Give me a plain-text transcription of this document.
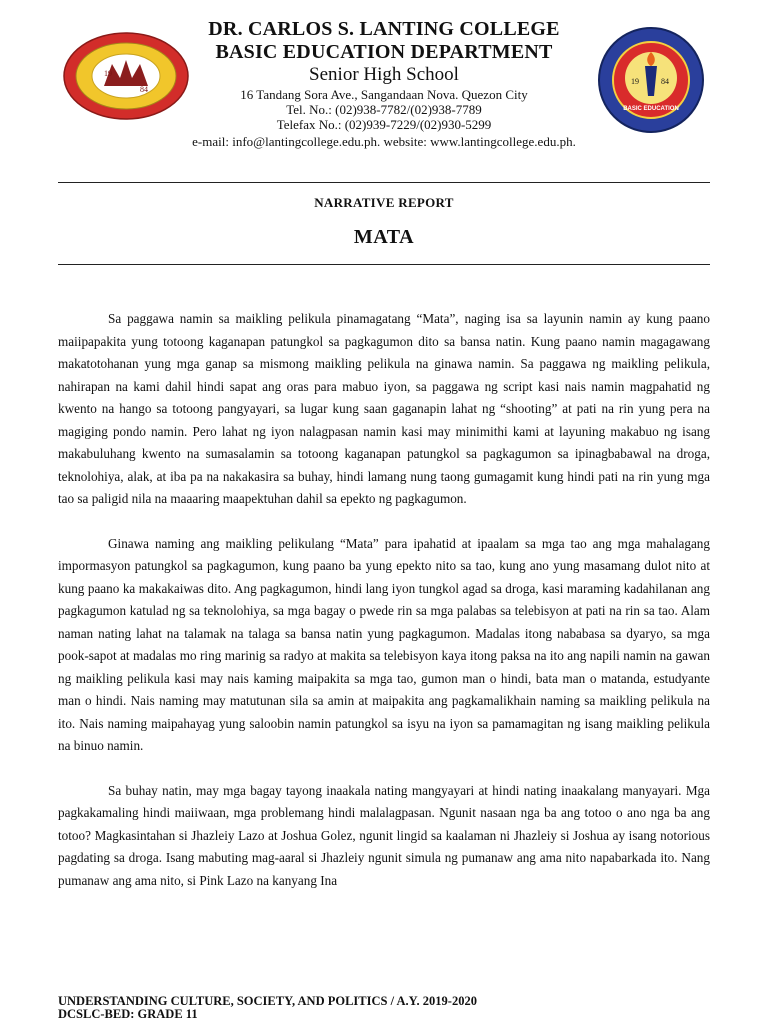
19
84
19	84
BASIC EDUCATION
DR. CARLOS S. LANTING COLLEGE
BASIC EDUCATION DEPARTMENT
Senior High School
16 Tandang Sora Ave., Sangandaan Nova. Quezon City
Tel. No.: (02)938-7782/(02)938-7789
Telefax No.: (02)939-7229/(02)930-5299
e-mail: info@lantingcollege.edu.ph. website: www.lantingcollege.edu.ph.
NARRATIVE REPORT
MATA

Sa paggawa namin sa maikling pelikula pinamagatang “Mata”, naging isa sa layunin namin ay kung paano maiipapakita yung totoong kaganapan patungkol sa pagkagumon dito sa bansa natin. Kung paano namin magagawang makatotohanan yung mga ganap sa mismong maikling pelikula na ginawa namin. Sa paggawa ng maikling pelikula, nahirapan na kami dahil hindi sapat ang oras para mabuo iyon, sa paggawa ng script kasi nais namin magpahatid ng kwento na hango sa totoong pangyayari, sa lugar kung saan gaganapin lahat ng “shooting” at pati na rin yung pera na magiging pondo namin. Pero lahat ng iyon nalagpasan namin kasi may minimithi kami at layuning makabuo ng isang makabuluhang kwento na sumasalamin sa totoong kaganapan patungkol sa pagkagumon sa ipinagbabawal na droga, teknolohiya, alak, at iba pa na nakakasira sa buhay, hindi lamang nung taong gumagamit kung hindi pati na rin yung mga tao sa paligid nila na maaaring maapektuhan dahil sa epekto ng pagkagumon.

Ginawa naming ang maikling pelikulang “Mata” para ipahatid at ipaalam sa mga tao ang mga mahalagang impormasyon patungkol sa pagkagumon, kung paano ba yung epekto nito sa tao, kung ano yung masamang dulot nito at kung paano ka makakaiwas dito. Ang pagkagumon, hindi lang iyon tungkol agad sa droga, kasi maraming kadahilanan ang pagkagumon katulad ng sa teknolohiya, sa mga bagay o pwede rin sa mga palabas sa telebisyon at pati na rin sa tao. Alam naman nating lahat na talamak na talaga sa bansa natin yung pagkagumon. Madalas itong nababasa sa dyaryo, sa mga pook-sapot at madalas mo ring marinig sa radyo at makita sa telebisyon kaya itong paksa na ito ang napili namin na gawan ng maikling pelikula kasi may nais kaming maipakita sa mga tao, gumon man o hindi, bata man o matanda, estudyante man o hindi. Nais naming may matutunan sila sa amin at maipakita ang pagkamalikhain naming sa maikling pelikula na ito. Nais naming maipahayag yung saloobin namin patungkol sa isyu na iyon sa pamamagitan ng isang maikling pelikula na binuo namin.

Sa buhay natin, may mga bagay tayong inaakala nating mangyayari at hindi nating inaakalang manyayari. Mga pagkakamaling hindi maiiwaan, mga problemang hindi malalagpasan. Ngunit nasaan nga ba ang totoo o ano nga ba ang totoo? Magkasintahan si Jhazleiy Lazo at Joshua Golez, ngunit lingid sa kaalaman ni Jhazleiy si Joshua ay isang notorious pagdating sa droga. Isang mabuting mag-aaral si Jhazleiy ngunit simula ng pumanaw ang ama nito napabarkada ito. Nang pumanaw ang ama nito, si Pink Lazo na kanyang Ina

UNDERSTANDING CULTURE, SOCIETY, AND POLITICS / A.Y. 2019-2020
DCSLC-BED: GRADE 11
